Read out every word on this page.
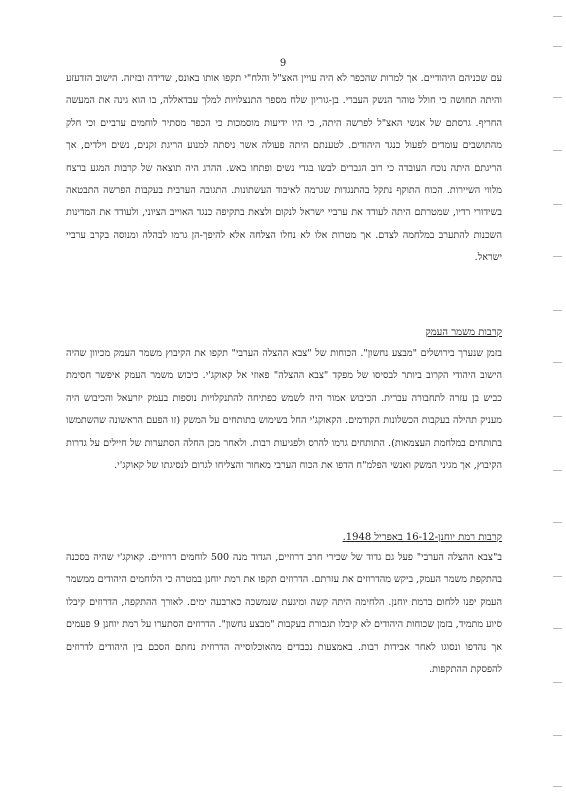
9

עם שכניהם היהודיים. אך למרות שהכפר לא היה עויין האצ"ל והלח"י תקפו אותו באונס, שדידה ובזיזה. הישוב הזדעזע והיתה תחושה כי חולל טוהר הנשק העברי. בן-גוריון שלח מספר התנצלויות למלך עבדאללה, בו הוא גינה את המעשה החריף. גרסתם של אנשי האצ"ל לפרשה היתה, כי היו ידיעות מוסמכות כי הכפר מסתיר לוחמים ערביים וכי חלק מהתושבים עומדים לפעול כנגד היהודים. לטענתם היתה פעולה אשר ניסתה למנוע הריגת זקנים, נשים וילדים, אך הריגתם היתה נוכח העובדה כי רוב הגברים לבשו בגדי נשים ופתחו באש. ההרג היה תוצאה של קרבות המגע ברצח מלווי השיירות. הכוח התוקף נתקל בהתנגדות שגרמה לאיבוד העשתונות. התגובה הערבית בעקבות הפרשה התבטאה בשידורי רדיו, שמטרתם היתה לעודד את ערביי ישראל לנקום ולצאת בתקיפה כנגד האוייב הציוני, ולעודד את המדינות השכנות להתערב במלחמה לצדם. אך מטרות אלו לא נחלו הצלחה אלא להיפך-הן גרמו לבהלה ומנוסה בקרב ערביי ישראל.

קרבות משמר העמק

בזמן שנערך בירושלים "מבצע נחשון". הכוחות של "צבא ההצלה הערבי" תקפו את הקיבוץ משמר העמק מכיוון שהיה הישוב היהודי הקרוב ביותר לבסיסו של מפקד "צבא ההצלה" פאוזי אל קאוקג'י. כיבוש משמר העמק איפשר חסימת כביש בן עזרה לתחבורה עברית. הכיבוש אמור היה לשמש כפתיחה להתנקלויות נוספות בעמק יזרעאל והכיבוש היה מעניק תהילה בעקבות הכשלונות הקודמים. הקאוקג'י החל בשימוש בתותחים על המשק (זו הפעם הראשונה שהשתמשו בתותחים במלחמת העצמאות). התותחים גרמו להרס ולפגיעות רבות. ולאחר מכן החלה הסתערות של חיילים על גדרות הקיבוץ, אך מגיני המשק ואנשי הפלמ"ח הדפו את הכוח הערבי מאחור והצליחו לגרום לנסיגתו של קאוקג'י.

קרבות רמת יוחנן-16-12 באפריל 1948.

ב"צבא ההצלה הערבי" פעל גם גדוד של שכירי חרב דרוזיים, הגדוד מנה 500 לוחמים דרוזיים. קאוקג'י שהיה בסכנה בהתקפת משמר העמק, ביקש מהדרוזים את עזרתם. הדרוזים תקפו את רמת יוחנן במטרה כי הלוחמים היהודים ממשמר העמק יפנו ללחום ברמת יוחנן. הלחימה היתה קשה ומיגעת שנמשכה כארבעה ימים. לאורך ההתקפה, הדרוזים קיבלו סיוע מתמיד, בזמן שכוחות היהודים לא קיבלו תגבורת בעקבות "מבצע נחשון". הדרוזים הסתערו על רמת יוחנן 9 פעמים אך נהדפו ונסוגו לאחר אבידות רבות. באמצעות נכבדים מהאוכלוסייה הדרוזית נחתם הסכם בין היהודים לדרוזים להפסקת ההתקפות.
